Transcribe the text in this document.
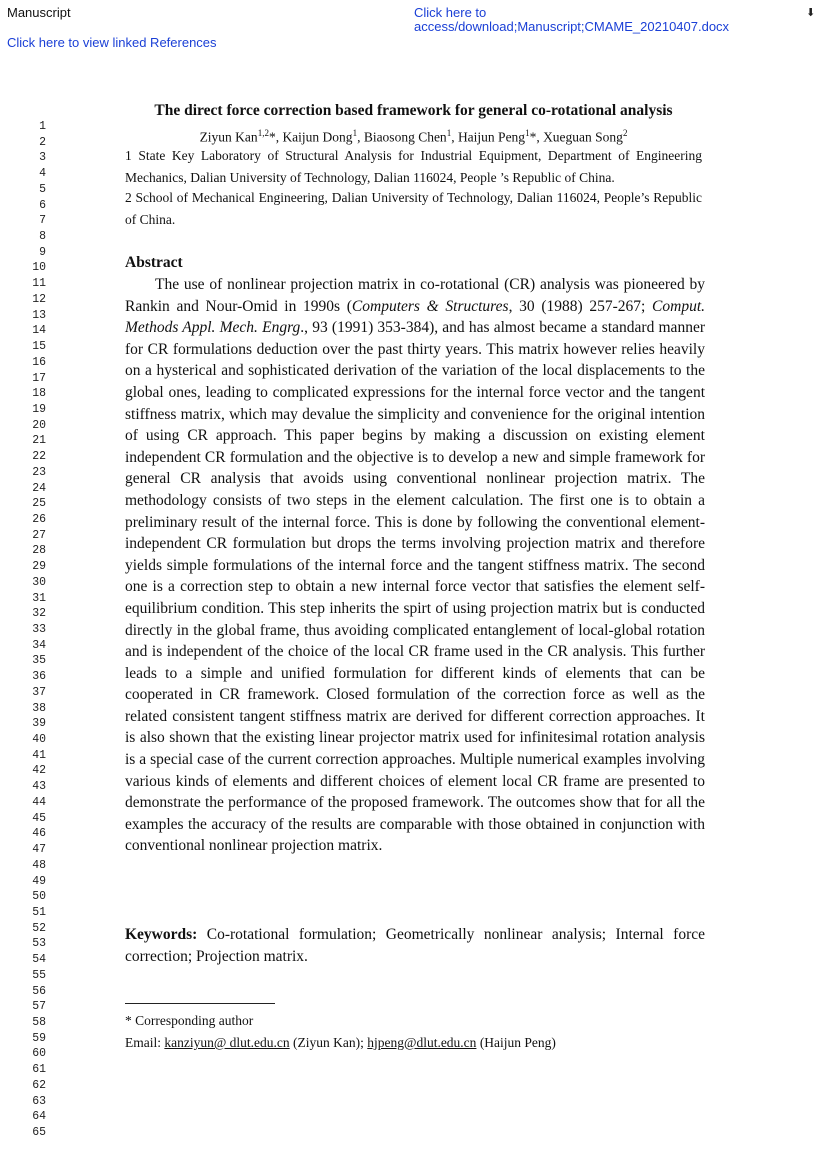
Manuscript	Click here to
access/download;Manuscript;CMAME_20210407.docx
⬇
Click here to view linked References
1
2
3
4
5
6
7
8
9
10
11
12
13
14
15
16
17
18
19
20
21
22
23
24
25
26
27
28
29
30
31
32
33
34
35
36
37
38
39
40
41
42
43
44
45
46
47
48
49
50
51
52
53
54
55
56
57
58
59
60
61
62
63
64
65
The direct force correction based framework for general co-rotational analysis
Ziyun Kan$^{1,2}$*, Kaijun Dong$^1$, Biaosong Chen$^1$, Haijun Peng$^1$*, Xueguan Song$^2$
1 State Key Laboratory of Structural Analysis for Industrial Equipment, Department of Engineering Mechanics, Dalian University of Technology, Dalian 116024, People ’s Republic of China.
2 School of Mechanical Engineering, Dalian University of Technology, Dalian 116024, People’s Republic of China.
Abstract

The use of nonlinear projection matrix in co-rotational (CR) analysis was pioneered by Rankin and Nour-Omid in 1990s (Computers & Structures, 30 (1988) 257-267; Comput. Methods Appl. Mech. Engrg., 93 (1991) 353-384), and has almost became a standard manner for CR formulations deduction over the past thirty years. This matrix however relies heavily on a hysterical and sophisticated derivation of the variation of the local displacements to the global ones, leading to complicated expressions for the internal force vector and the tangent stiffness matrix, which may devalue the simplicity and convenience for the original intention of using CR approach. This paper begins by making a discussion on existing element independent CR formulation and the objective is to develop a new and simple framework for general CR analysis that avoids using conventional nonlinear projection matrix. The methodology consists of two steps in the element calculation. The first one is to obtain a preliminary result of the internal force. This is done by following the conventional element-independent CR formulation but drops the terms involving projection matrix and therefore yields simple formulations of the internal force and the tangent stiffness matrix. The second one is a correction step to obtain a new internal force vector that satisfies the element self-equilibrium condition. This step inherits the spirt of using projection matrix but is conducted directly in the global frame, thus avoiding complicated entanglement of local-global rotation and is independent of the choice of the local CR frame used in the CR analysis. This further leads to a simple and unified formulation for different kinds of elements that can be cooperated in CR framework. Closed formulation of the correction force as well as the related consistent tangent stiffness matrix are derived for different correction approaches. It is also shown that the existing linear projector matrix used for infinitesimal rotation analysis is a special case of the current correction approaches. Multiple numerical examples involving various kinds of elements and different choices of element local CR frame are presented to demonstrate the performance of the proposed framework. The outcomes show that for all the examples the accuracy of the results are comparable with those obtained in conjunction with conventional nonlinear projection matrix.

Keywords: Co-rotational formulation; Geometrically nonlinear analysis; Internal force correction; Projection matrix.

* Corresponding author
Email: kanziyun@ dlut.edu.cn (Ziyun Kan); hjpeng@dlut.edu.cn (Haijun Peng)
